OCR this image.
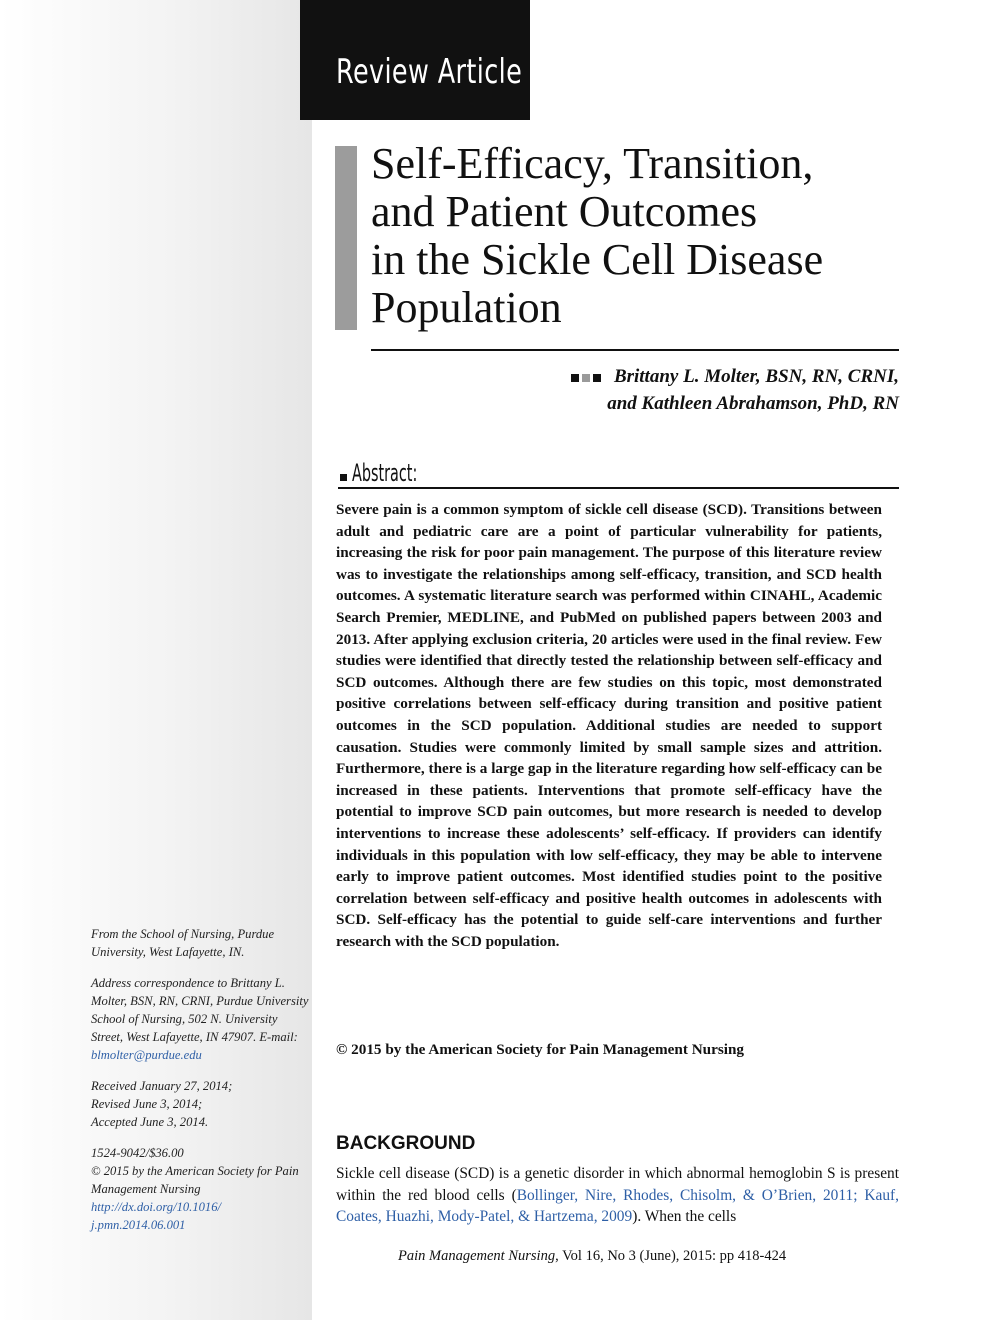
Review Article
Self-Efficacy, Transition,
and Patient Outcomes
in the Sickle Cell Disease
Population
Brittany L. Molter, BSN, RN, CRNI,
and Kathleen Abrahamson, PhD, RN
Abstract:
Severe pain is a common symptom of sickle cell disease (SCD). Transitions between adult and pediatric care are a point of particular vulnerability for patients, increasing the risk for poor pain management. The purpose of this literature review was to investigate the relationships among self-efficacy, transition, and SCD health outcomes. A systematic literature search was performed within CINAHL, Academic Search Premier, MEDLINE, and PubMed on published papers between 2003 and 2013. After applying exclusion criteria, 20 articles were used in the final review. Few studies were identified that directly tested the relationship between self-efficacy and SCD outcomes. Although there are few studies on this topic, most demonstrated positive correlations between self-efficacy during transition and positive patient outcomes in the SCD population. Additional studies are needed to support causation. Studies were commonly limited by small sample sizes and attrition. Furthermore, there is a large gap in the literature regarding how self-efficacy can be increased in these patients. Interventions that promote self-efficacy have the potential to improve SCD pain outcomes, but more research is needed to develop interventions to increase these adolescents’ self-efficacy. If providers can identify individuals in this population with low self-efficacy, they may be able to intervene early to improve patient outcomes. Most identified studies point to the positive correlation between self-efficacy and positive health outcomes in adolescents with SCD. Self-efficacy has the potential to guide self-care interventions and further research with the SCD population.
© 2015 by the American Society for Pain Management Nursing
BACKGROUND
Sickle cell disease (SCD) is a genetic disorder in which abnormal hemoglobin S is present within the red blood cells (Bollinger, Nire, Rhodes, Chisolm, & O’Brien, 2011; Kauf, Coates, Huazhi, Mody-Patel, & Hartzema, 2009). When the cells

From the School of Nursing, Purdue University, West Lafayette, IN.

Address correspondence to Brittany L. Molter, BSN, RN, CRNI, Purdue University School of Nursing, 502 N. University Street, West Lafayette, IN 47907. E-mail: blmolter@purdue.edu

Received January 27, 2014;
Revised June 3, 2014;
Accepted June 3, 2014.

1524-9042/$36.00
© 2015 by the American Society for Pain Management Nursing
http://dx.doi.org/10.1016/
j.pmn.2014.06.001

Pain Management Nursing, Vol 16, No 3 (June), 2015: pp 418-424
